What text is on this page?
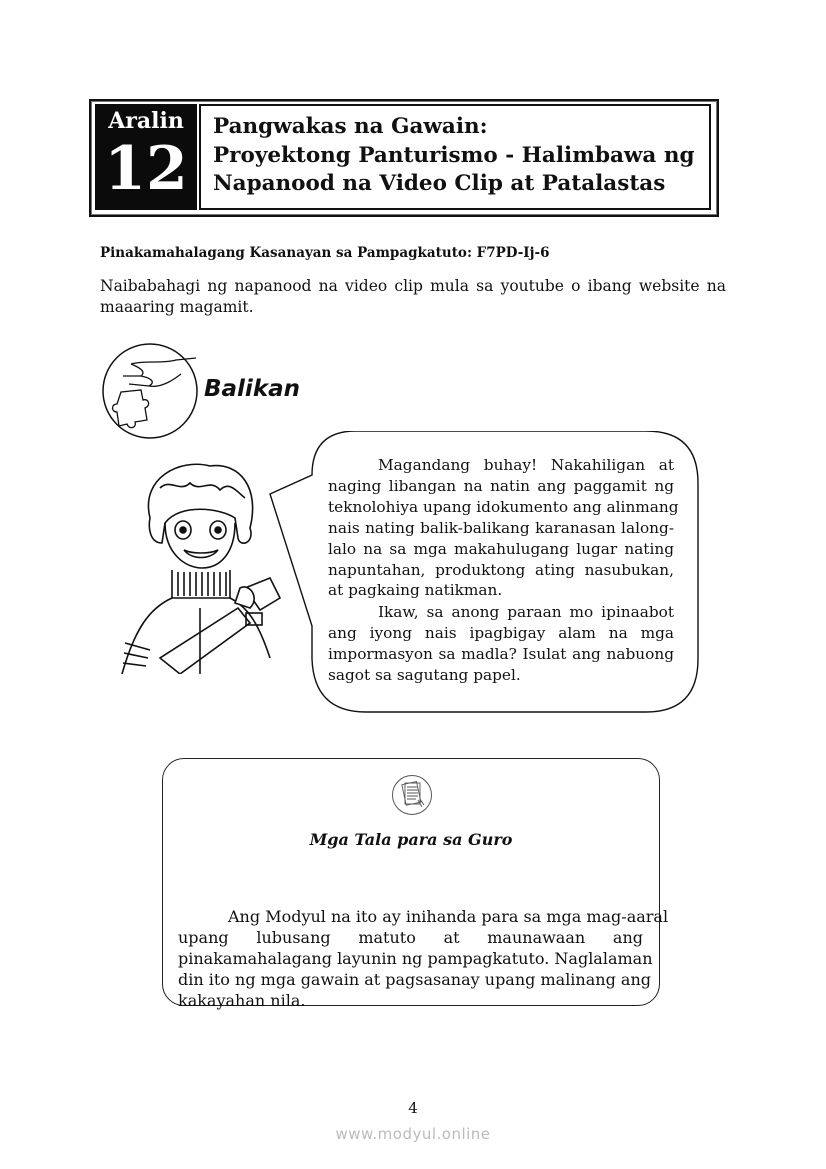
Aralin
12
Pangwakas na Gawain:
Proyektong Panturismo - Halimbawa ng
Napanood na Video Clip at Patalastas
Pinakamahalagang Kasanayan sa Pampagkatuto: F7PD-Ij-6
Naibabahagi ng napanood na video clip mula sa youtube o ibang website na
maaaring magamit.
Balikan
Magandang buhay! Nakahiligan at
naging libangan na natin ang paggamit ng
teknolohiya upang idokumento ang alinmang
nais nating balik-balikang karanasan lalong-
lalo na sa mga makahulugang lugar nating
napuntahan, produktong ating nasubukan,
at pagkaing natikman.
Ikaw, sa anong paraan mo ipinaabot
ang iyong nais ipagbigay alam na mga
impormasyon sa madla? Isulat ang nabuong
sagot sa sagutang papel.
Mga Tala para sa Guro
Ang Modyul na ito ay inihanda para sa mga mag-aaral
upang lubusang matuto at maunawaan ang
pinakamahalagang layunin ng pampagkatuto. Naglalaman
din ito ng mga gawain at pagsasanay upang malinang ang
kakayahan nila.
4
www.modyul.online
